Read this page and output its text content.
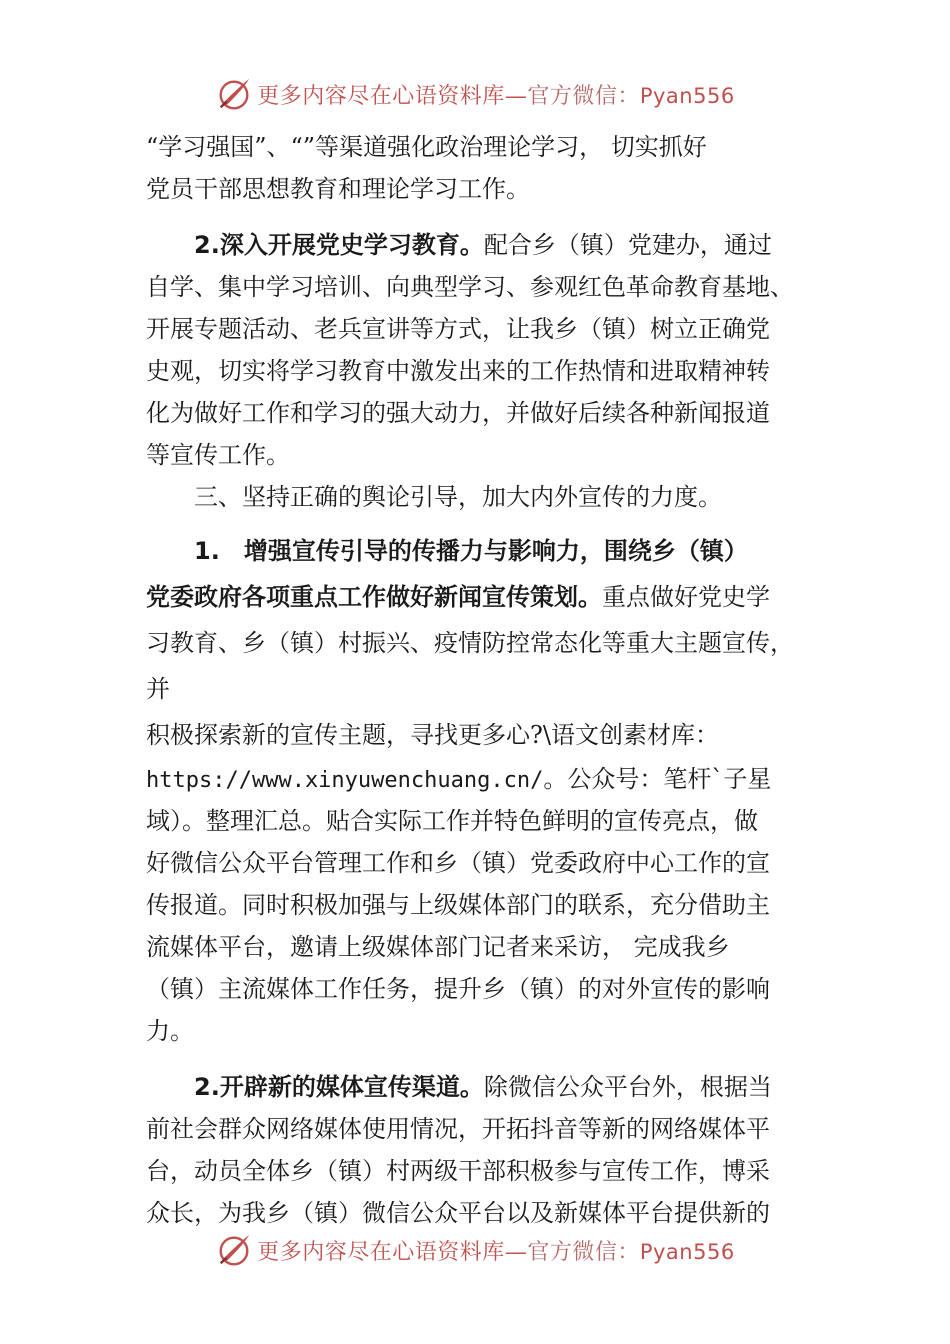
更多内容尽在心语资料库—官方微信：Pyan556
“学习强国”、“”等渠道强化政治理论学习， 切实抓好
党员干部思想教育和理论学习工作。
2.深入开展党史学习教育。配合乡（镇）党建办，通过
自学、集中学习培训、向典型学习、参观红色革命教育基地、
开展专题活动、老兵宣讲等方式，让我乡（镇）树立正确党
史观，切实将学习教育中激发出来的工作热情和进取精神转
化为做好工作和学习的强大动力，并做好后续各种新闻报道
等宣传工作。
三、坚持正确的舆论引导，加大内外宣传的力度。
1.　增强宣传引导的传播力与影响力，围绕乡（镇）
党委政府各项重点工作做好新闻宣传策划。重点做好党史学
习教育、乡（镇）村振兴、疫情防控常态化等重大主题宣传，
并
积极探索新的宣传主题，寻找更多心?\语文创素材库：
https://www.xinyuwenchuang.cn/。公众号：笔杆`子星
域）。整理汇总。贴合实际工作并特色鲜明的宣传亮点，做
好微信公众平台管理工作和乡（镇）党委政府中心工作的宣
传报道。同时积极加强与上级媒体部门的联系，充分借助主
流媒体平台，邀请上级媒体部门记者来采访， 完成我乡
（镇）主流媒体工作任务，提升乡（镇）的对外宣传的影响
力。
2.开辟新的媒体宣传渠道。除微信公众平台外，根据当
前社会群众网络媒体使用情况，开拓抖音等新的网络媒体平
台，动员全体乡（镇）村两级干部积极参与宣传工作，博采
众长，为我乡（镇）微信公众平台以及新媒体平台提供新的
更多内容尽在心语资料库—官方微信：Pyan556
